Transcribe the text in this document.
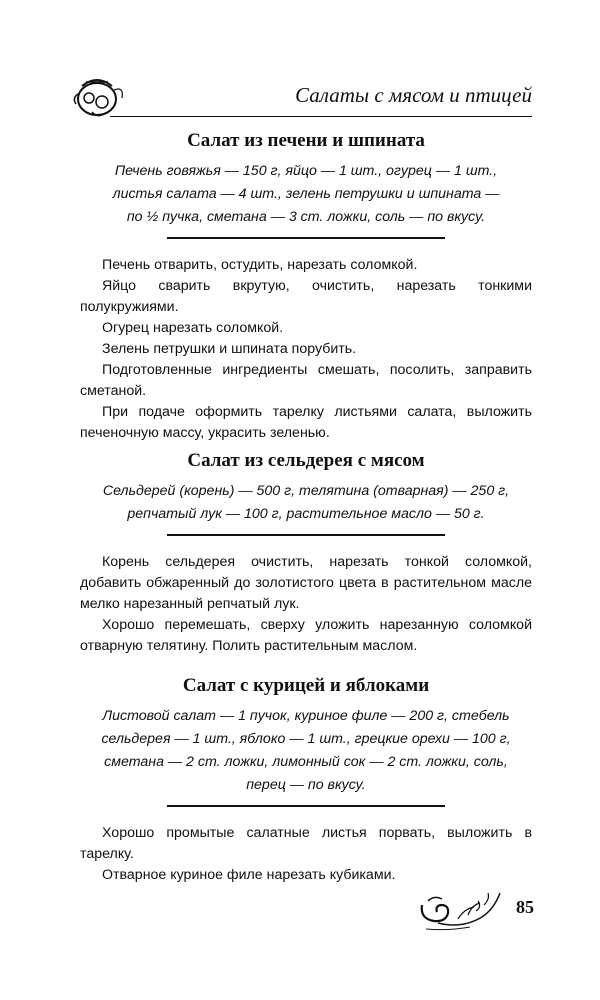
Салаты с мясом и птицей
Салат из печени и шпината
Печень говяжья — 150 г, яйцо — 1 шт., огурец — 1 шт.,
листья салата — 4 шт., зелень петрушки и шпината —
по ½ пучка, сметана — 3 ст. ложки, соль — по вкусу.

Печень отварить, остудить, нарезать соломкой.

Яйцо сварить вкрутую, очистить, нарезать тонкими полукружиями.

Огурец нарезать соломкой.

Зелень петрушки и шпината порубить.

Подготовленные ингредиенты смешать, посолить, заправить сметаной.

При подаче оформить тарелку листьями салата, выложить печеночную массу, украсить зеленью.

Салат из сельдерея с мясом
Сельдерей (корень) — 500 г, телятина (отварная) — 250 г,
репчатый лук — 100 г, растительное масло — 50 г.

Корень сельдерея очистить, нарезать тонкой соломкой, добавить обжаренный до золотистого цвета в растительном масле мелко нарезанный репчатый лук.

Хорошо перемешать, сверху уложить нарезанную соломкой отварную телятину. Полить растительным маслом.

Салат с курицей и яблоками
Листовой салат — 1 пучок, куриное филе — 200 г, стебель
сельдерея — 1 шт., яблоко — 1 шт., грецкие орехи — 100 г,
сметана — 2 ст. ложки, лимонный сок — 2 ст. ложки, соль,
перец — по вкусу.

Хорошо промытые салатные листья порвать, выложить в тарелку.

Отварное куриное филе нарезать кубиками.

85
